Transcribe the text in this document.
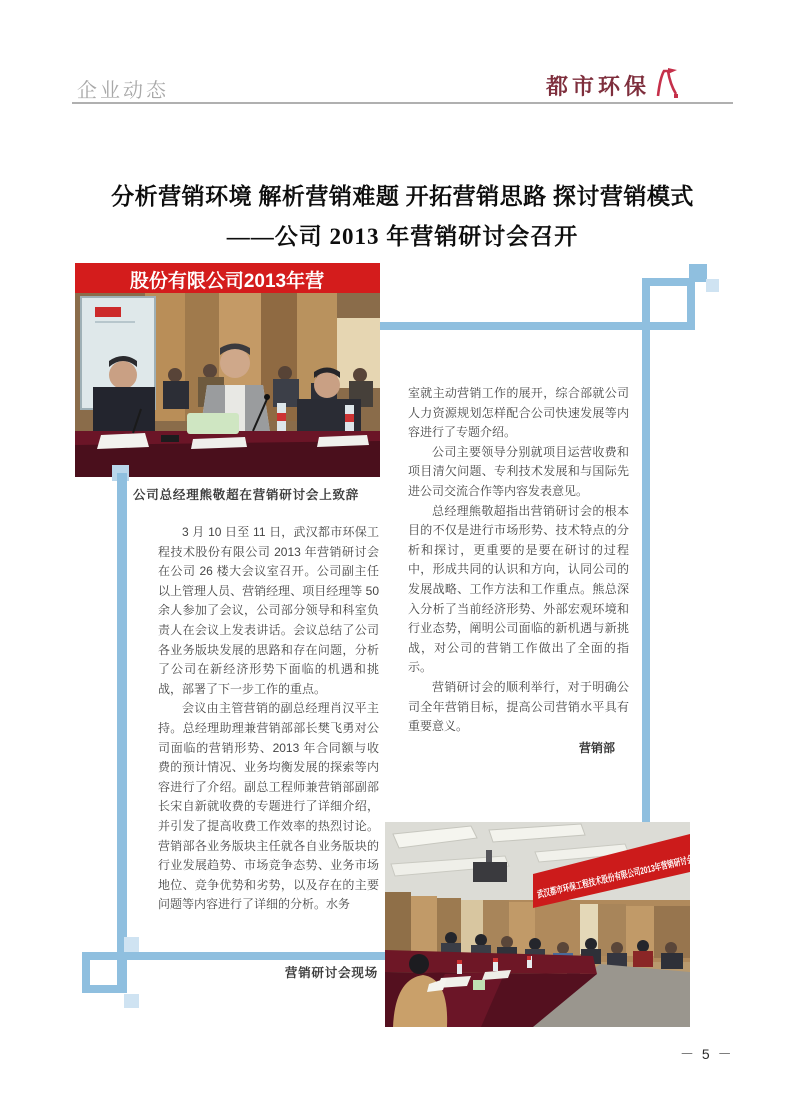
企业动态	都市环保
分析营销环境 解析营销难题 开拓营销思路 探讨营销模式
——公司 2013 年营销研讨会召开
股份有限公司2013年营
公司总经理熊敬超在营销研讨会上致辞

3 月 10 日至 11 日，武汉都市环保工程技术股份有限公司 2013 年营销研讨会在公司 26 楼大会议室召开。公司副主任以上管理人员、营销经理、项目经理等 50 余人参加了会议，公司部分领导和科室负责人在会议上发表讲话。会议总结了公司各业务版块发展的思路和存在问题，分析了公司在新经济形势下面临的机遇和挑战，部署了下一步工作的重点。

会议由主管营销的副总经理肖汉平主持。总经理助理兼营销部部长樊飞勇对公司面临的营销形势、2013 年合同额与收费的预计情况、业务均衡发展的探索等内容进行了介绍。副总工程师兼营销部副部长宋自新就收费的专题进行了详细介绍，并引发了提高收费工作效率的热烈讨论。营销部各业务版块主任就各自业务版块的行业发展趋势、市场竞争态势、业务市场地位、竞争优势和劣势，以及存在的主要问题等内容进行了详细的分析。水务

室就主动营销工作的展开，综合部就公司人力资源规划怎样配合公司快速发展等内容进行了专题介绍。

公司主要领导分别就项目运营收费和项目清欠问题、专利技术发展和与国际先进公司交流合作等内容发表意见。

总经理熊敬超指出营销研讨会的根本目的不仅是进行市场形势、技术特点的分析和探讨，更重要的是要在研讨的过程中，形成共同的认识和方向，认同公司的发展战略、工作方法和工作重点。熊总深入分析了当前经济形势、外部宏观环境和行业态势，阐明公司面临的新机遇与新挑战，对公司的营销工作做出了全面的指示。

营销研讨会的顺利举行，对于明确公司全年营销目标，提高公司营销水平具有重要意义。

营销部

武汉都市环保工程技术股份有限公司2013年营销研讨会
营销研讨会现场
－ 5 －
